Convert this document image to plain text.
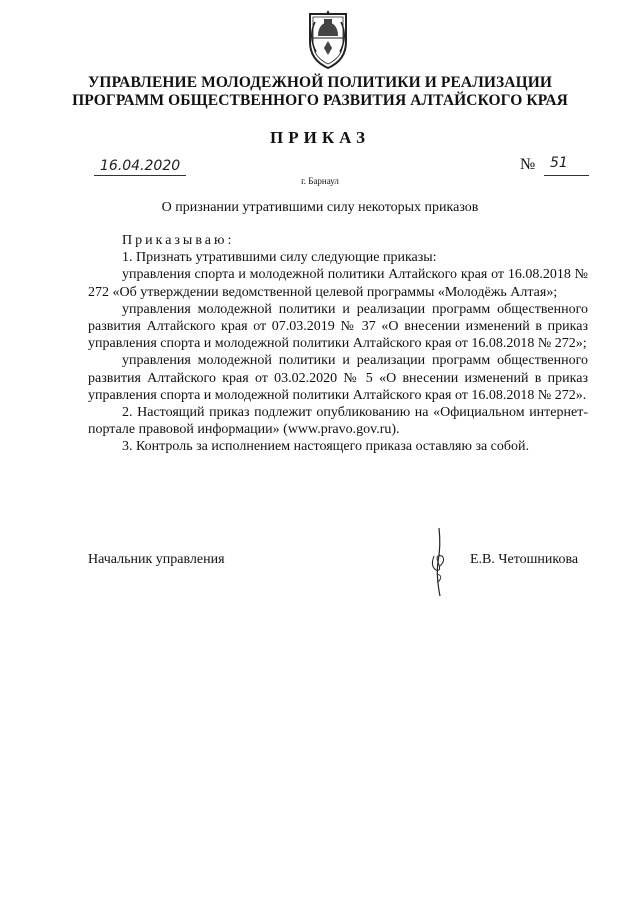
УПРАВЛЕНИЕ МОЛОДЕЖНОЙ ПОЛИТИКИ И РЕАЛИЗАЦИИ
ПРОГРАММ ОБЩЕСТВЕННОГО РАЗВИТИЯ АЛТАЙСКОГО КРАЯ
ПРИКАЗ
16.04.2020	№ 51
г. Барнаул
О признании утратившими силу некоторых приказов

Приказываю:

1. Признать утратившими силу следующие приказы:

управления спорта и молодежной политики Алтайского края от 16.08.2018 № 272 «Об утверждении ведомственной целевой программы «Молодёжь Алтая»;

управления молодежной политики и реализации программ общественного развития Алтайского края от 07.03.2019 № 37 «О внесении изменений в приказ управления спорта и молодежной политики Алтайского края от 16.08.2018 № 272»;

управления молодежной политики и реализации программ общественного развития Алтайского края от 03.02.2020 № 5 «О внесении изменений в приказ управления спорта и молодежной политики Алтайского края от 16.08.2018 № 272».

2. Настоящий приказ подлежит опубликованию на «Официальном интернет-портале правовой информации» (www.pravo.gov.ru).

3. Контроль за исполнением настоящего приказа оставляю за собой.

Начальник управления	Е.В. Четошникова
